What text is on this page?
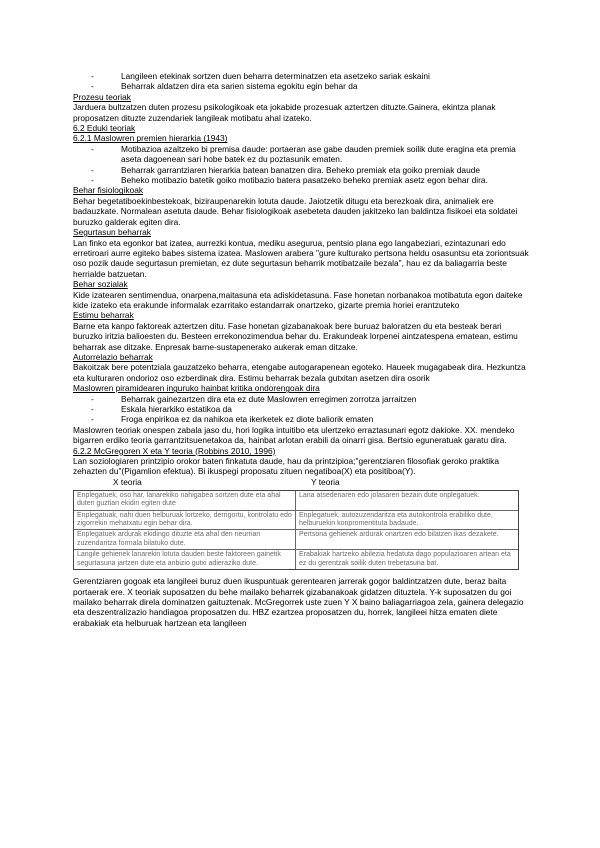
- Langileen etekinak sortzen duen beharra determinatzen eta asetzeko sariak eskaini
- Beharrak aldatzen dira eta sarien sistema egokitu egin behar da
Prozesu teoriak

Jarduera bultzatzen duten prozesu psikologikoak eta jokabide prozesuak aztertzen dituzte.Gainera, ekintza planak proposatzen dituzte zuzendariek langileak motibatu ahal izateko.

6.2 Eduki teoriak
6.2.1 Maslowren premien hierarkia (1943)
- Motibazioa azaltzeko bi premisa daude: portaeran ase gabe dauden premiek soilik dute eragina eta premia aseta dagoenean sari hobe batek ez du poztasunik ematen.
- Beharrak garrantziaren hierarkia batean banatzen dira. Beheko premiak eta goiko premiak daude
- Beheko motibazio batetik goiko motibazio batera pasatzeko beheko premiak asetz egon behar dira.
Behar fisiologikoak

Behar begetatiboekinbestekoak, biziraupenarekin lotuta daude. Jaiotzetik ditugu eta berezkoak dira, animaliek ere badauzkate. Normalean asetuta daude. Behar fisiologikoak asebeteta dauden jakitzeko lan baldintza fisikoei eta soldatei buruzko galderak egiten dira.

Segurtasun beharrak

Lan finko eta egonkor bat izatea, aurrezki kontua, mediku asegurua, pentsio plana ego langabeziari, ezintazunari edo erretiroari aurre egiteko babes sistema izatea. Maslowen arabera "gure kulturako pertsona heldu osasuntsu eta zoriontsuak oso pozik daude segurtasun premietan, ez dute segurtasun beharrik motibatzaile bezala", hau ez da baliagarria beste herrialde batzuetan.

Behar sozialak

Kide izatearen sentimendua, onarpena,maitasuna eta adiskidetasuna. Fase honetan norbanakoa motibatuta egon daiteke kide izateko eta erakunde informalak ezarritako estandarrak onartzeko, gizarte premia horiei erantzuteko

Estimu beharrak

Barne eta kanpo faktoreak aztertzen ditu. Fase honetan gizabanakoak bere buruaz baloratzen du eta besteak berari buruzko iritzia balioesten du. Besteen errekonozimendua behar du. Erakundeak lorpenei aintzatespena ematean, estimu beharrak ase ditzake. Enpresak barne-sustapenerako aukerak eman ditzake.

Autorrelazio beharrak

Bakoitzak bere potentziala gauzatzeko beharra, etengabe autogarapenean egoteko. Haueek mugagabeak dira. Hezkuntza eta kulturaren ondorioz oso ezberdinak dira. Estimu beharrak bezala gutxitan asetzen dira osorik

Maslowren piramidearen inguruko hainbat kritika ondorengoak dira
- Beharrak gainezartzen dira eta ez dute Maslowren erregimen zorrotza jarraitzen
- Eskala hierarkiko estatikoa da
- Froga enpirikoa ez da nahikoa eta ikerketek ez diote baliorik ematen

Maslowren teoriak onespen zabala jaso du, hori logika intuitibo eta ulertzeko erraztasunari egotz dakioke. XX. mendeko bigarren erdiko teoria garrantzitsuenetakoa da, hainbat arlotan erabili da oinarri gisa. Bertsio eguneratuak garatu dira.

6.2.2 McGregoren X eta Y teoria (Robbins 2010, 1996)

Lan soziologiaren printzipio orokor baten finkatuta daude, hau da printzipioa;"gerentziaren filosofiak geroko praktika zehazten du"(Pigamlion efektua). Bi ikuspegi proposatu zituen negatiboa(X) eta positiboa(Y).

X teoria	Y teoria
Enplegatuek, oso har, lanarekiko nahigabea sortzen dute eta ahal duten guztian ekidin egiten dute
Lana atsedenaren edo jolasaren bezain dute onplegatuek.
Enplegatuak, nahi duen helburuak lortzeko, derrigortu, kontrolatu edo zigorrekin mehatxatu egin behar dira.
Enplegatuek, autozuzendaritza eta autokontrola erabiliko dute, helburuekin konpromentituta badaude.
Enplegatuek ardurak ekidingo dituzte eta ahal den neurrian zuzendaritza formala bilatuko dute.
Pertsona gehienek ardurak onartzen edo bilatzen ikas dezakete.
Langile gehienek lanarekin lotuta dauden beste faktoreen gainetik segurtasuna jartzen dute eta anbizio gutxi adieraziko dute.
Erabakiak hartzeko abilezia hedatuta dago populazioaren artean eta ez du gerentzak soilik duten trebetasuna bat.

Gerentziaren gogoak eta langileei buruz duen ikuspuntuak gerentearen jarrerak gogor baldintzatzen dute, beraz baita portaerak ere. X teoriak suposatzen du behe mailako beharrek gizabanakoak gidatzen dituztela. Y-k suposatzen du goi mailako beharrak direla dominatzen gaituztenak. McGregorrek uste zuen Y X baino baliagarriagoa zela, gainera delegazio eta deszentralizazio handiagoa proposatzen du. HBZ ezartzea proposatzen du, horrek, langileei hitza ematen diete erabakiak eta helburuak hartzean eta langileen
